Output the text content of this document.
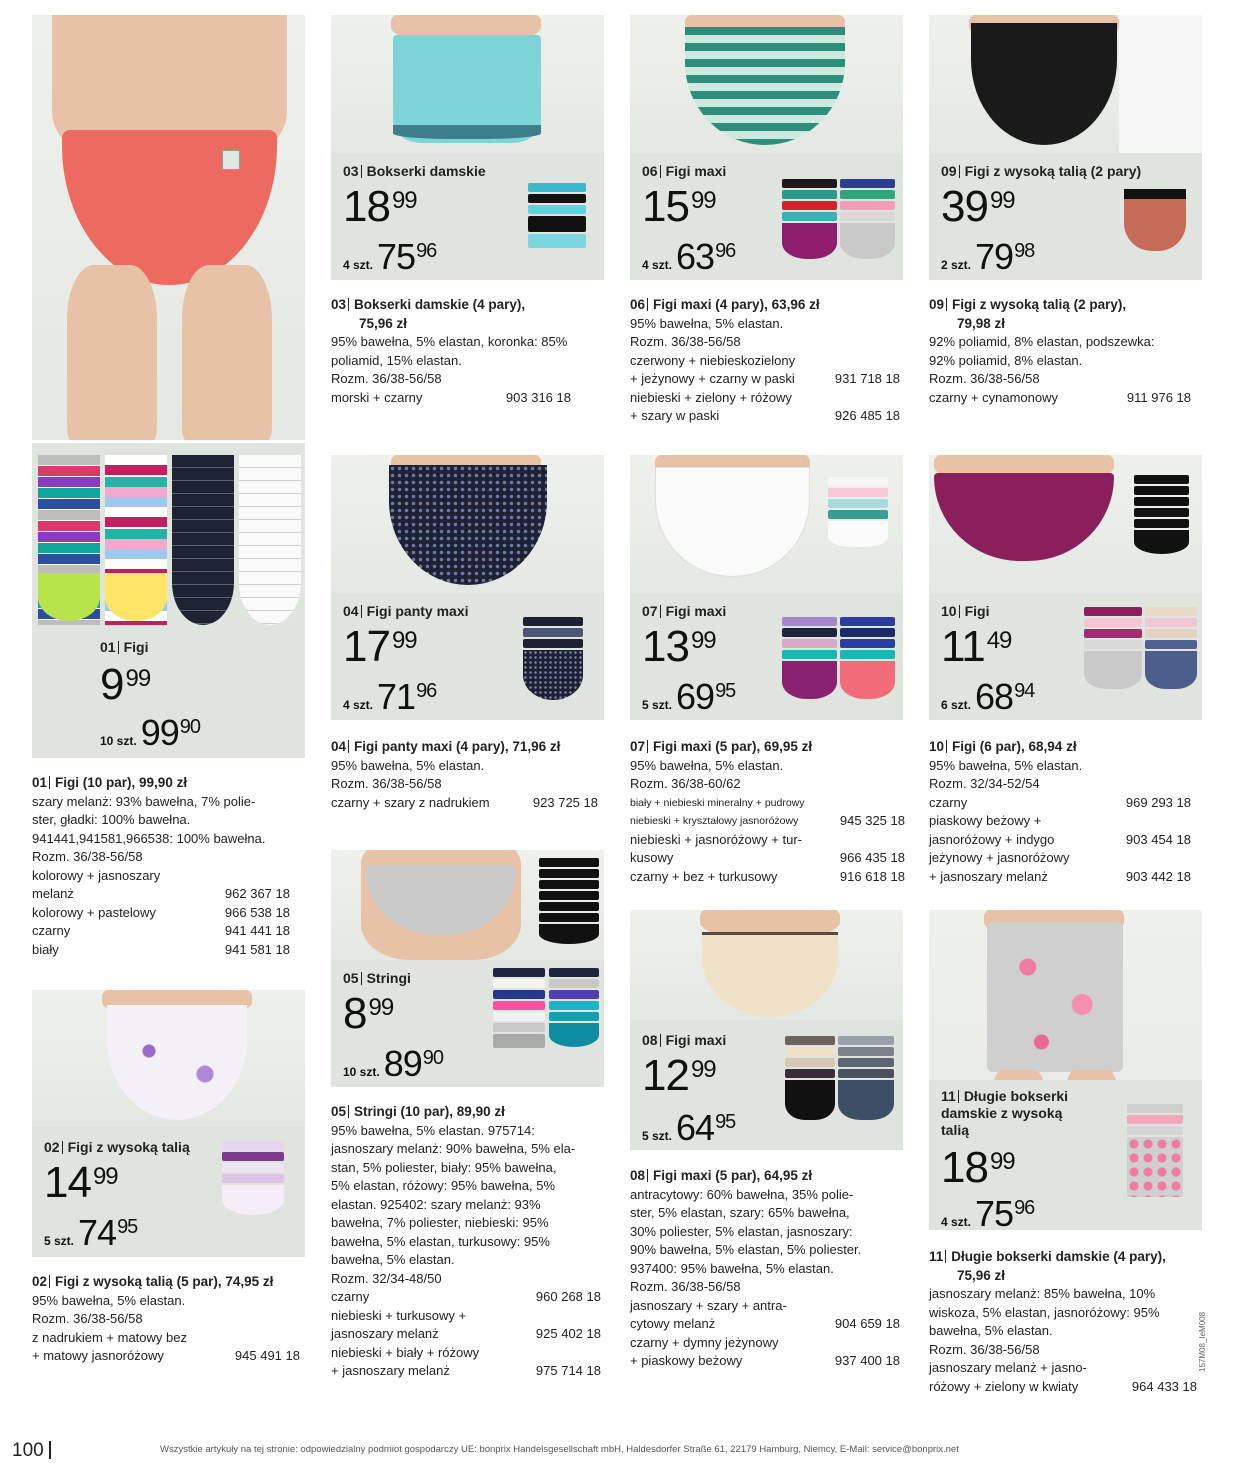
01 Figi
$9^{99}$
10 szt. $99^{90}$
01 Figi (10 par), 99,90 zł
szary melanż: 93% bawełna, 7% polie-
ster, gładki: 100% bawełna.
941441,941581,966538: 100% bawełna.
Rozm. 36/38-56/58
kolorowy + jasnoszary melanż	962 367 18
kolorowy + pastelowy	966 538 18
czarny	941 441 18
biały	941 581 18
02 Figi z wysoką talią
$14^{99}$
5 szt. $74^{95}$
02 Figi z wysoką talią (5 par), 74,95 zł
95% bawełna, 5% elastan.
Rozm. 36/38-56/58
z nadrukiem + matowy bez
+ matowy jasnoróżowy	945 491 18
03 Bokserki damskie
$18^{99}$
4 szt. $75^{96}$
03 Bokserki damskie (4 pary),
75,96 zł
95% bawełna, 5% elastan, koronka: 85%
poliamid, 15% elastan.
Rozm. 36/38-56/58
morski + czarny	903 316 18
04 Figi panty maxi
$17^{99}$
4 szt. $71^{96}$
04 Figi panty maxi (4 pary), 71,96 zł
95% bawełna, 5% elastan.
Rozm. 36/38-56/58
czarny + szary z nadrukiem	923 725 18
05 Stringi
$8^{99}$
10 szt. $89^{90}$
05 Stringi (10 par), 89,90 zł
95% bawełna, 5% elastan. 975714:
jasnoszary melanż: 90% bawełna, 5% ela-
stan, 5% poliester, biały: 95% bawełna,
5% elastan, różowy: 95% bawełna, 5%
elastan. 925402: szary melanż: 93%
bawełna, 7% poliester, niebieski: 95%
bawełna, 5% elastan, turkusowy: 95%
bawełna, 5% elastan.
Rozm. 32/34-48/50
czarny	960 268 18
niebieski + turkusowy +
jasnoszary melanż	925 402 18
niebieski + biały + różowy
+ jasnoszary melanż	975 714 18
06 Figi maxi
$15^{99}$
4 szt. $63^{96}$
06 Figi maxi (4 pary), 63,96 zł
95% bawełna, 5% elastan.
Rozm. 36/38-56/58
czerwony + niebieskozielony
+ jeżynowy + czarny w paski	931 718 18
niebieski + zielony + różowy
+ szary w paski	926 485 18
07 Figi maxi
$13^{99}$
5 szt. $69^{95}$
07 Figi maxi (5 par), 69,95 zł
95% bawełna, 5% elastan.
Rozm. 36/38-60/62
biały + niebieski mineralny + pudrowy
niebieski + kryształowy jasnoróżowy	945 325 18
niebieski + jasnoróżowy + tur-
kusowy	966 435 18
czarny + bez + turkusowy	916 618 18
08 Figi maxi
$12^{99}$
5 szt. $64^{95}$
08 Figi maxi (5 par), 64,95 zł
antracytowy: 60% bawełna, 35% polie-
ster, 5% elastan, szary: 65% bawełna,
30% poliester, 5% elastan, jasnoszary:
90% bawełna, 5% elastan, 5% poliester.
937400: 95% bawełna, 5% elastan.
Rozm. 36/38-56/58
jasnoszary + szary + antra-
cytowy melanż	904 659 18
czarny + dymny jeżynowy
+ piaskowy beżowy	937 400 18
09 Figi z wysoką talią (2 pary)
$39^{99}$
2 szt. $79^{98}$
09 Figi z wysoką talią (2 pary),
79,98 zł
92% poliamid, 8% elastan, podszewka:
92% poliamid, 8% elastan.
Rozm. 36/38-56/58
czarny + cynamonowy	911 976 18
10 Figi
$11^{49}$
6 szt. $68^{94}$
10 Figi (6 par), 68,94 zł
95% bawełna, 5% elastan.
Rozm. 32/34-52/54
czarny	969 293 18
piaskowy beżowy +
jasnoróżowy + indygo	903 454 18
jeżynowy + jasnoróżowy
+ jasnoszary melanż	903 442 18
11 Długie bokserki damskie z wysoką talią
$18^{99}$
4 szt. $75^{96}$
11 Długie bokserki damskie (4 pary),
75,96 zł
jasnoszary melanż: 85% bawełna, 10%
wiskoza, 5% elastan, jasnoróżowy: 95%
bawełna, 5% elastan.
Rozm. 36/38-56/58
jasnoszary melanż + jasno-
różowy + zielony w kwiaty	964 433 18
157M08_IeM008
100	Wszystkie artykuły na tej stronie: odpowiedzialny podmiot gospodarczy UE: bonprix Handelsgesellschaft mbH, Haldesdorfer Straße 61, 22179 Hamburg, Niemcy, E-Mail: service@bonprix.net
